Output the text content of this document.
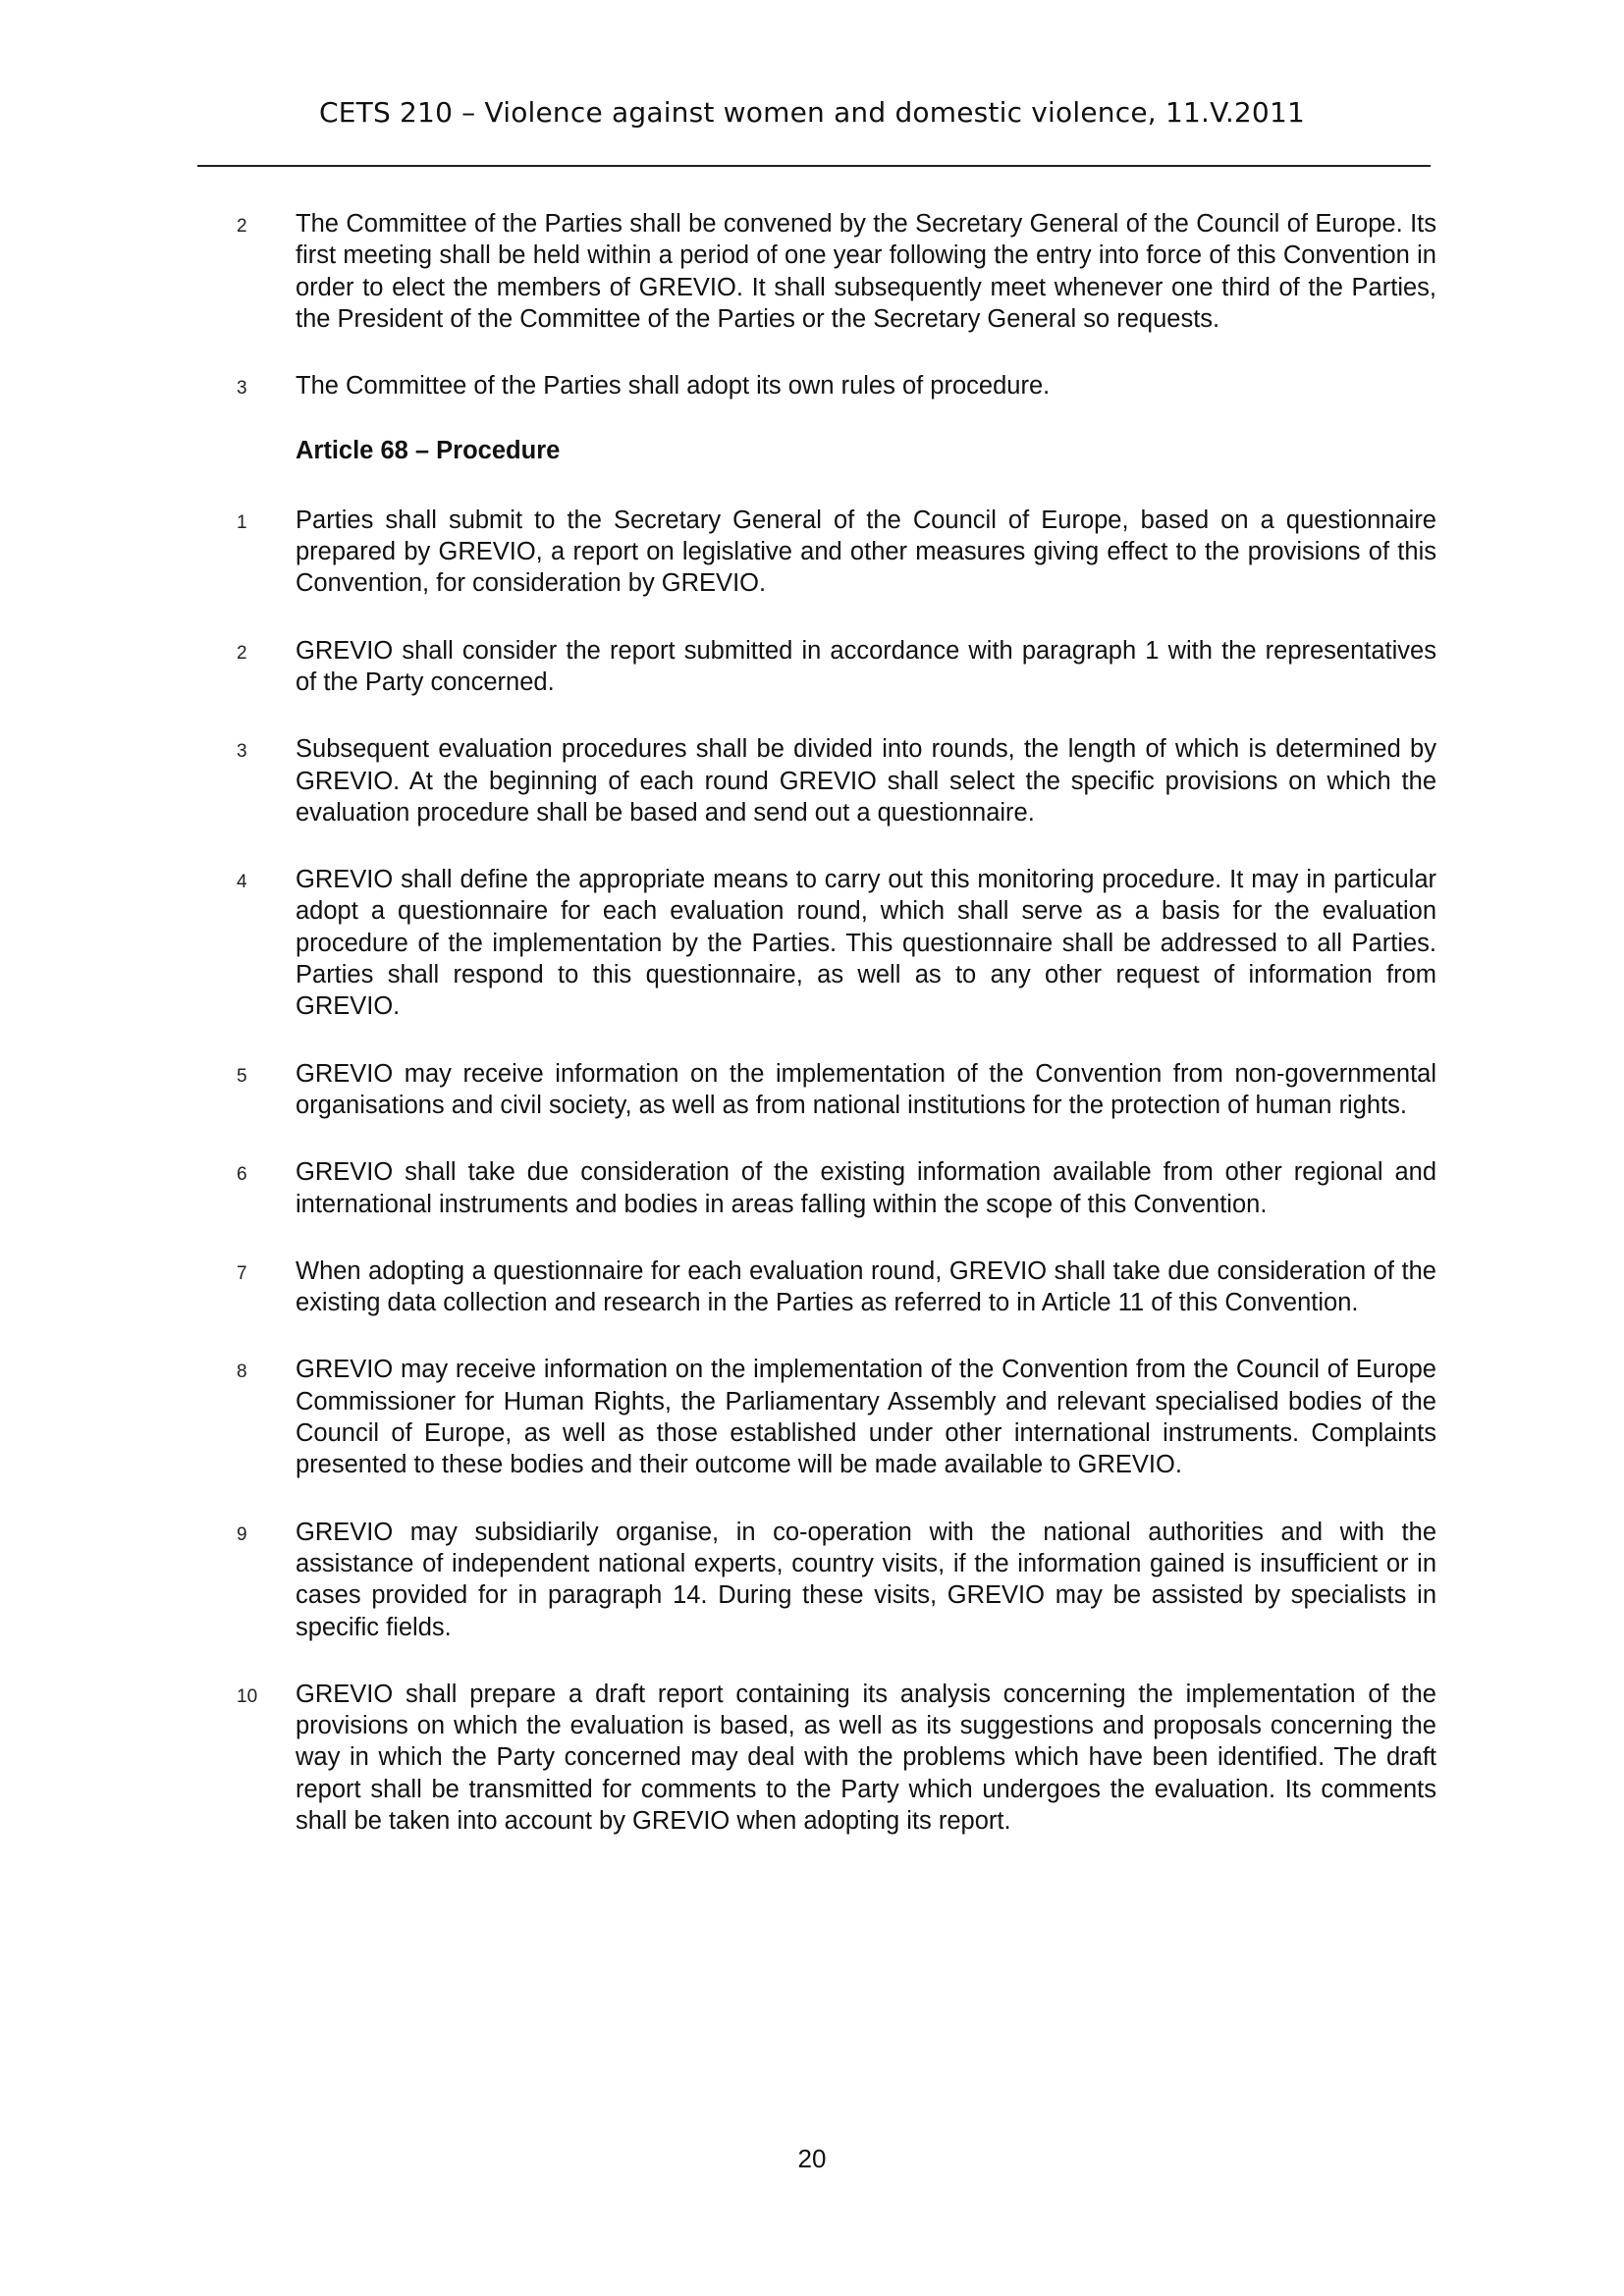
CETS 210 – Violence against women and domestic violence, 11.V.2011
2 The Committee of the Parties shall be convened by the Secretary General of the Council of Europe. Its first meeting shall be held within a period of one year following the entry into force of this Convention in order to elect the members of GREVIO. It shall subsequently meet whenever one third of the Parties, the President of the Committee of the Parties or the Secretary General so requests.
3 The Committee of the Parties shall adopt its own rules of procedure.
Article 68 – Procedure
1 Parties shall submit to the Secretary General of the Council of Europe, based on a questionnaire prepared by GREVIO, a report on legislative and other measures giving effect to the provisions of this Convention, for consideration by GREVIO.
2 GREVIO shall consider the report submitted in accordance with paragraph 1 with the representatives of the Party concerned.
3 Subsequent evaluation procedures shall be divided into rounds, the length of which is determined by GREVIO. At the beginning of each round GREVIO shall select the specific provisions on which the evaluation procedure shall be based and send out a questionnaire.
4 GREVIO shall define the appropriate means to carry out this monitoring procedure. It may in particular adopt a questionnaire for each evaluation round, which shall serve as a basis for the evaluation procedure of the implementation by the Parties. This questionnaire shall be addressed to all Parties. Parties shall respond to this questionnaire, as well as to any other request of information from GREVIO.
5 GREVIO may receive information on the implementation of the Convention from non-governmental organisations and civil society, as well as from national institutions for the protection of human rights.
6 GREVIO shall take due consideration of the existing information available from other regional and international instruments and bodies in areas falling within the scope of this Convention.
7 When adopting a questionnaire for each evaluation round, GREVIO shall take due consideration of the existing data collection and research in the Parties as referred to in Article 11 of this Convention.
8 GREVIO may receive information on the implementation of the Convention from the Council of Europe Commissioner for Human Rights, the Parliamentary Assembly and relevant specialised bodies of the Council of Europe, as well as those established under other international instruments. Complaints presented to these bodies and their outcome will be made available to GREVIO.
9 GREVIO may subsidiarily organise, in co-operation with the national authorities and with the assistance of independent national experts, country visits, if the information gained is insufficient or in cases provided for in paragraph 14. During these visits, GREVIO may be assisted by specialists in specific fields.
10 GREVIO shall prepare a draft report containing its analysis concerning the implementation of the provisions on which the evaluation is based, as well as its suggestions and proposals concerning the way in which the Party concerned may deal with the problems which have been identified. The draft report shall be transmitted for comments to the Party which undergoes the evaluation. Its comments shall be taken into account by GREVIO when adopting its report.
20
